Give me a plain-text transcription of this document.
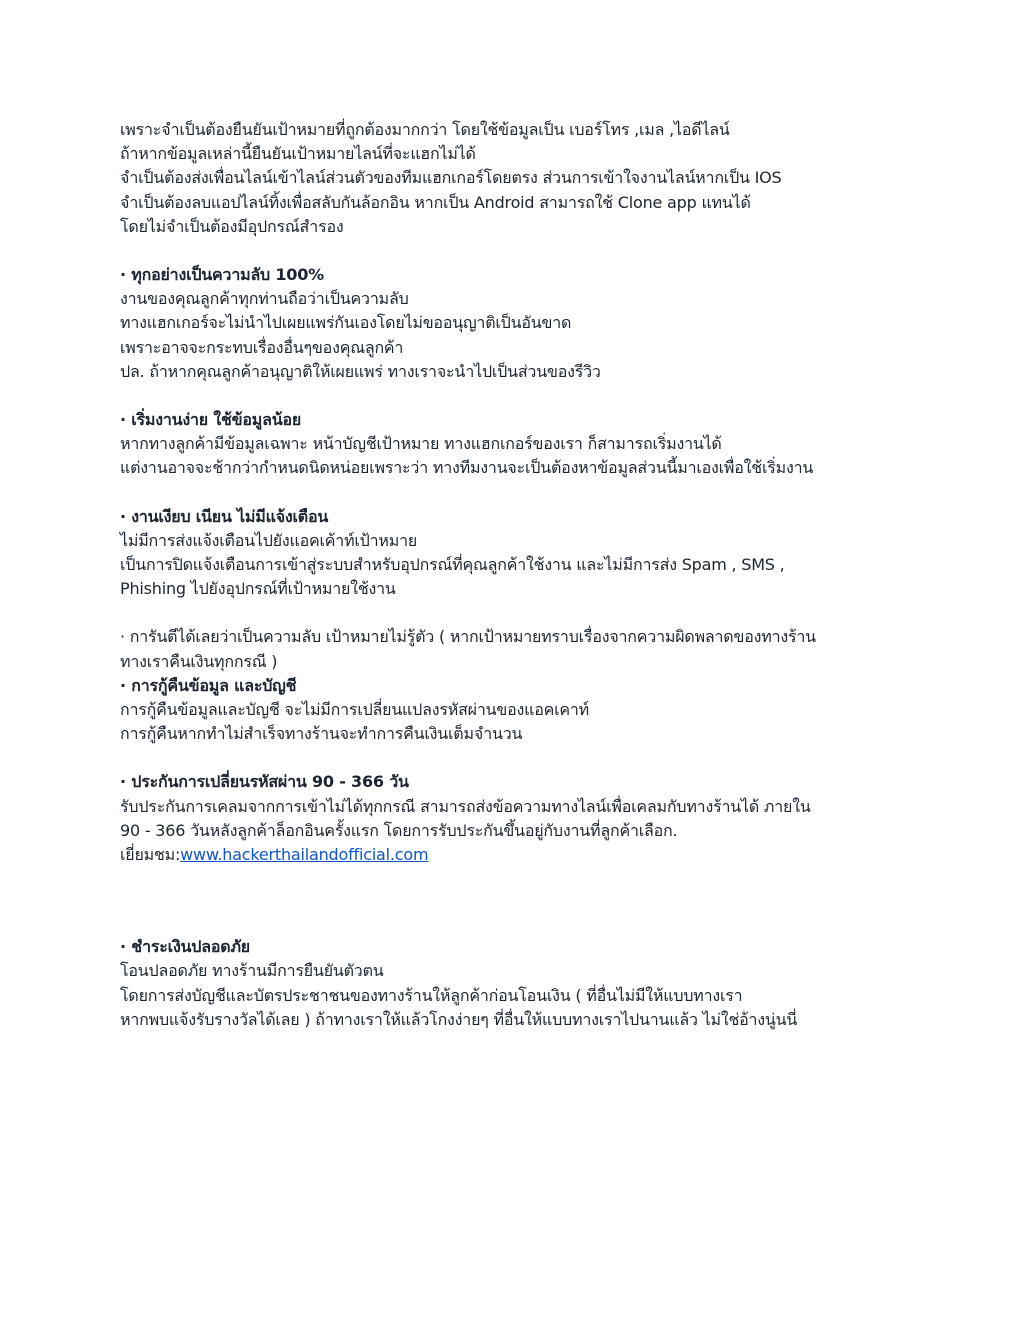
เพราะจำเป็นต้องยืนยันเป้าหมายที่ถูกต้องมากกว่า โดยใช้ข้อมูลเป็น เบอร์โทร ,เมล ,ไอดีไลน์
ถ้าหากข้อมูลเหล่านี้ยืนยันเป้าหมายไลน์ที่จะแฮกไม่ได้
จำเป็นต้องส่งเพื่อนไลน์เข้าไลน์ส่วนตัวของทีมแฮกเกอร์โดยตรง ส่วนการเข้าใจงานไลน์หากเป็น IOS
จำเป็นต้องลบแอปไลน์ทิ้งเพื่อสลับกันล้อกอิน หากเป็น Android สามารถใช้ Clone app แทนได้
โดยไม่จำเป็นต้องมีอุปกรณ์สำรอง
· ทุกอย่างเป็นความลับ 100%
งานของคุณลูกค้าทุกท่านถือว่าเป็นความลับ
ทางแฮกเกอร์จะไม่นำไปเผยแพร่กันเองโดยไม่ขออนุญาติเป็นอันขาด
เพราะอาจจะกระทบเรื่องอื่นๆของคุณลูกค้า
ปล. ถ้าหากคุณลูกค้าอนุญาติให้เผยแพร่ ทางเราจะนำไปเป็นส่วนของรีวิว
· เริ่มงานง่าย ใช้ข้อมูลน้อย
หากทางลูกค้ามีข้อมูลเฉพาะ หน้าบัญชีเป้าหมาย ทางแฮกเกอร์ของเรา ก็สามารถเริ่มงานได้
แต่งานอาจจะช้ากว่ากำหนดนิดหน่อยเพราะว่า ทางทีมงานจะเป็นต้องหาข้อมูลส่วนนี้มาเองเพื่อใช้เริ่มงาน
· งานเงียบ เนียน ไม่มีแจ้งเตือน
ไม่มีการส่งแจ้งเตือนไปยังแอคเค้าท์เป้าหมาย
เป็นการปิดแจ้งเตือนการเข้าสู่ระบบสำหรับอุปกรณ์ที่คุณลูกค้าใช้งาน และไม่มีการส่ง Spam , SMS ,
Phishing ไปยังอุปกรณ์ที่เป้าหมายใช้งาน
· การันตีได้เลยว่าเป็นความลับ เป้าหมายไม่รู้ตัว ( หากเป้าหมายทราบเรื่องจากความผิดพลาดของทางร้าน
ทางเราคืนเงินทุกกรณี )
· การกู้คืนข้อมูล และบัญชี
การกู้คืนข้อมูลและบัญชี จะไม่มีการเปลี่ยนแปลงรหัสผ่านของแอคเคาท์
การกู้คืนหากทำไม่สำเร็จทางร้านจะทำการคืนเงินเต็มจำนวน
· ประกันการเปลี่ยนรหัสผ่าน 90 - 366 วัน
รับประกันการเคลมจากการเข้าไม่ได้ทุกกรณี สามารถส่งข้อความทางไลน์เพื่อเคลมกับทางร้านได้ ภายใน
90 - 366 วันหลังลูกค้าล็อกอินครั้งแรก โดยการรับประกันขึ้นอยู่กับงานที่ลูกค้าเลือก.
เยี่ยมชม:www.hackerthailandofficial.com
· ชำระเงินปลอดภัย
โอนปลอดภัย ทางร้านมีการยืนยันตัวตน
โดยการส่งบัญชีและบัตรประชาชนของทางร้านให้ลูกค้าก่อนโอนเงิน ( ที่อื่นไม่มีให้แบบทางเรา
หากพบแจ้งรับรางวัลได้เลย ) ถ้าทางเราให้แล้วโกงง่ายๆ ที่อื่นให้แบบทางเราไปนานแล้ว ไม่ใช่อ้างนู่นนี่
